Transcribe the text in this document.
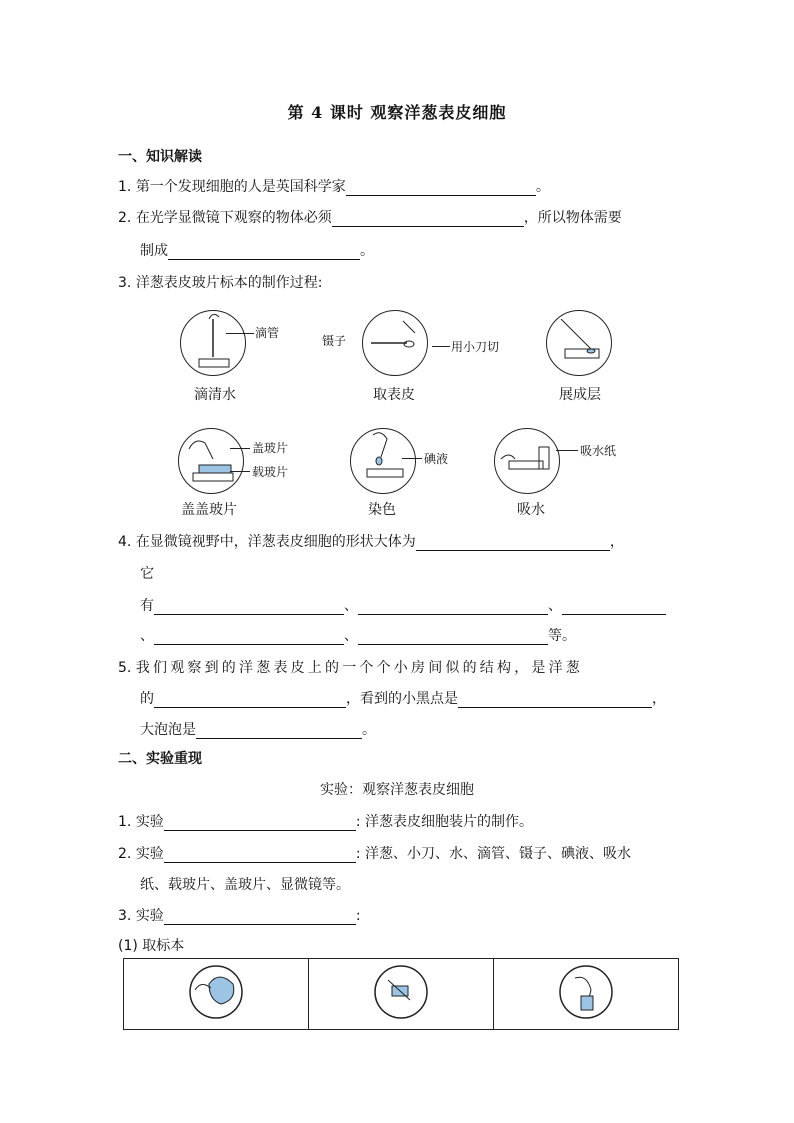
第 4 课时 观察洋葱表皮细胞
一、知识解读
1. 第一个发现细胞的人是英国科学家	。
2. 在光学显微镜下观察的物体必须	，所以物体需要
制成	。
3. 洋葱表皮玻片标本的制作过程:
滴管
滴清水
镊子	用小刀切
取表皮	展成层
盖玻片
载玻片
盖盖玻片
碘液
染色
吸水纸
吸水
4. 在显微镜视野中，洋葱表皮细胞的形状大体为	，
它
有	、	、
、	、	等。
5. 我们观察到的洋葱表皮上的一个个小房间似的结构，是洋葱
的	，看到的小黑点是	，
大泡泡是	。
二、实验重现
实验：观察洋葱表皮细胞
1. 实验	: 洋葱表皮细胞装片的制作。
2. 实验	: 洋葱、小刀、水、滴管、镊子、碘液、吸水
纸、载玻片、盖玻片、显微镜等。
3. 实验	:
(1) 取标本
